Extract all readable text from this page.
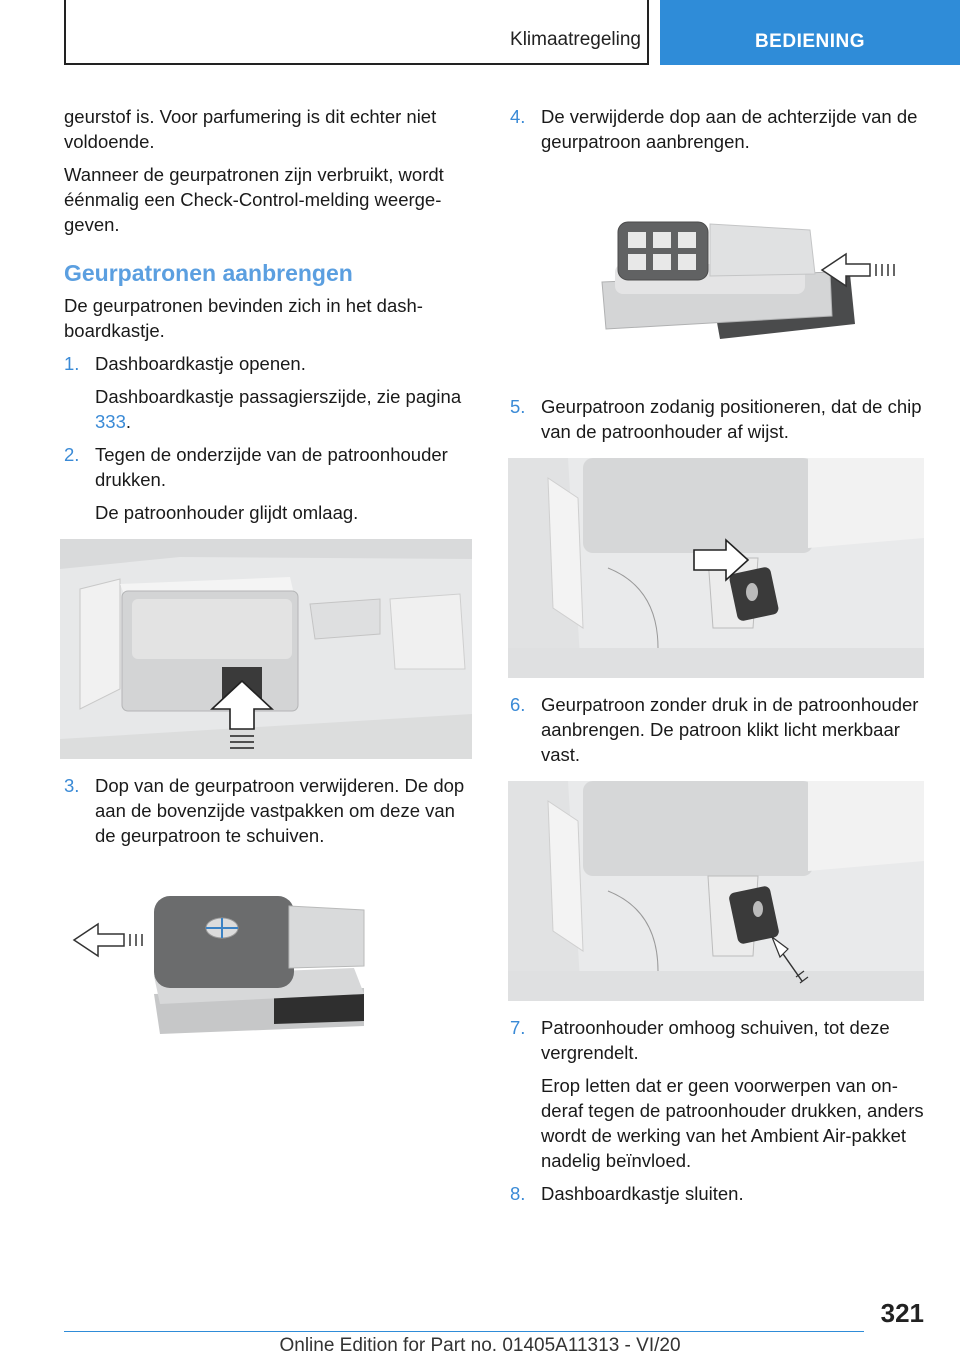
Klimaatregeling	BEDIENING

geurstof is. Voor parfumering is dit echter niet voldoende.

Wanneer de geurpatronen zijn verbruikt, wordt éénmalig een Check-Control-melding weergegeven.

Geurpatronen aanbrengen

De geurpatronen bevinden zich in het dashboardkastje.

1. Dashboardkastje openen.
Dashboardkastje passagierszijde, zie pagina 333.
2. Tegen de onderzijde van de patroonhouder drukken.
De patroonhouder glijdt omlaag.
3. Dop van de geurpatroon verwijderen. De dop aan de bovenzijde vastpakken om deze van de geurpatroon te schuiven.
4. De verwijderde dop aan de achterzijde van de geurpatroon aanbrengen.
5. Geurpatroon zodanig positioneren, dat de chip van de patroonhouder af wijst.
6. Geurpatroon zonder druk in de patroonhouder aanbrengen. De patroon klikt licht merkbaar vast.
7. Patroonhouder omhoog schuiven, tot deze vergrendelt.
Erop letten dat er geen voorwerpen van onderaf tegen de patroonhouder drukken, anders wordt de werking van het Ambient Air-pakket nadelig beïnvloed.
8. Dashboardkastje sluiten.
321
Online Edition for Part no. 01405A11313 - VI/20
